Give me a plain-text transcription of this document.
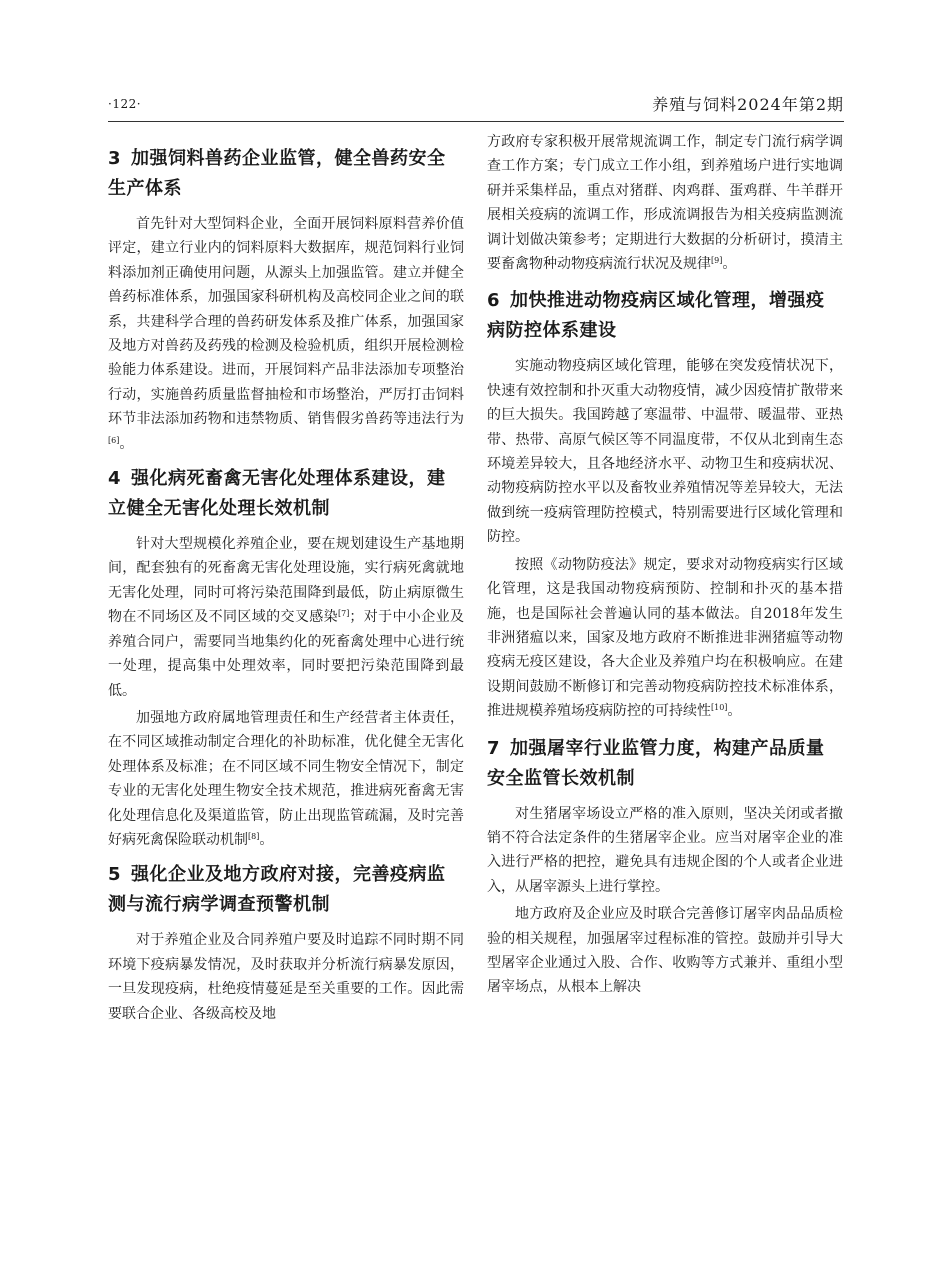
·122·	养殖与饲料2024年第2期
3 加强饲料兽药企业监管，健全兽药安全生产体系

首先针对大型饲料企业，全面开展饲料原料营养价值评定，建立行业内的饲料原料大数据库，规范饲料行业饲料添加剂正确使用问题，从源头上加强监管。建立并健全兽药标准体系，加强国家科研机构及高校同企业之间的联系，共建科学合理的兽药研发体系及推广体系，加强国家及地方对兽药及药残的检测及检验机质，组织开展检测检验能力体系建设。进而，开展饲料产品非法添加专项整治行动，实施兽药质量监督抽检和市场整治，严厉打击饲料环节非法添加药物和违禁物质、销售假劣兽药等违法行为[6]。

4 强化病死畜禽无害化处理体系建设，建立健全无害化处理长效机制

针对大型规模化养殖企业，要在规划建设生产基地期间，配套独有的死畜禽无害化处理设施，实行病死禽就地无害化处理，同时可将污染范围降到最低，防止病原微生物在不同场区及不同区域的交叉感染[7]；对于中小企业及养殖合同户，需要同当地集约化的死畜禽处理中心进行统一处理，提高集中处理效率，同时要把污染范围降到最低。

加强地方政府属地管理责任和生产经营者主体责任，在不同区域推动制定合理化的补助标准，优化健全无害化处理体系及标准；在不同区域不同生物安全情况下，制定专业的无害化处理生物安全技术规范，推进病死畜禽无害化处理信息化及渠道监管，防止出现监管疏漏，及时完善好病死禽保险联动机制[8]。

5 强化企业及地方政府对接，完善疫病监测与流行病学调查预警机制

对于养殖企业及合同养殖户要及时追踪不同时期不同环境下疫病暴发情况，及时获取并分析流行病暴发原因，一旦发现疫病，杜绝疫情蔓延是至关重要的工作。因此需要联合企业、各级高校及地

方政府专家积极开展常规流调工作，制定专门流行病学调查工作方案；专门成立工作小组，到养殖场户进行实地调研并采集样品，重点对猪群、肉鸡群、蛋鸡群、牛羊群开展相关疫病的流调工作，形成流调报告为相关疫病监测流调计划做决策参考；定期进行大数据的分析研讨，摸清主要畜禽物种动物疫病流行状况及规律[9]。

6 加快推进动物疫病区域化管理，增强疫病防控体系建设

实施动物疫病区域化管理，能够在突发疫情状况下，快速有效控制和扑灭重大动物疫情，减少因疫情扩散带来的巨大损失。我国跨越了寒温带、中温带、暖温带、亚热带、热带、高原气候区等不同温度带，不仅从北到南生态环境差异较大，且各地经济水平、动物卫生和疫病状况、动物疫病防控水平以及畜牧业养殖情况等差异较大，无法做到统一疫病管理防控模式，特别需要进行区域化管理和防控。

按照《动物防疫法》规定，要求对动物疫病实行区域化管理，这是我国动物疫病预防、控制和扑灭的基本措施，也是国际社会普遍认同的基本做法。自2018年发生非洲猪瘟以来，国家及地方政府不断推进非洲猪瘟等动物疫病无疫区建设，各大企业及养殖户均在积极响应。在建设期间鼓励不断修订和完善动物疫病防控技术标准体系，推进规模养殖场疫病防控的可持续性[10]。

7 加强屠宰行业监管力度，构建产品质量安全监管长效机制

对生猪屠宰场设立严格的准入原则，坚决关闭或者撤销不符合法定条件的生猪屠宰企业。应当对屠宰企业的准入进行严格的把控，避免具有违规企图的个人或者企业进入，从屠宰源头上进行掌控。

地方政府及企业应及时联合完善修订屠宰肉品品质检验的相关规程，加强屠宰过程标准的管控。鼓励并引导大型屠宰企业通过入股、合作、收购等方式兼并、重组小型屠宰场点，从根本上解决
